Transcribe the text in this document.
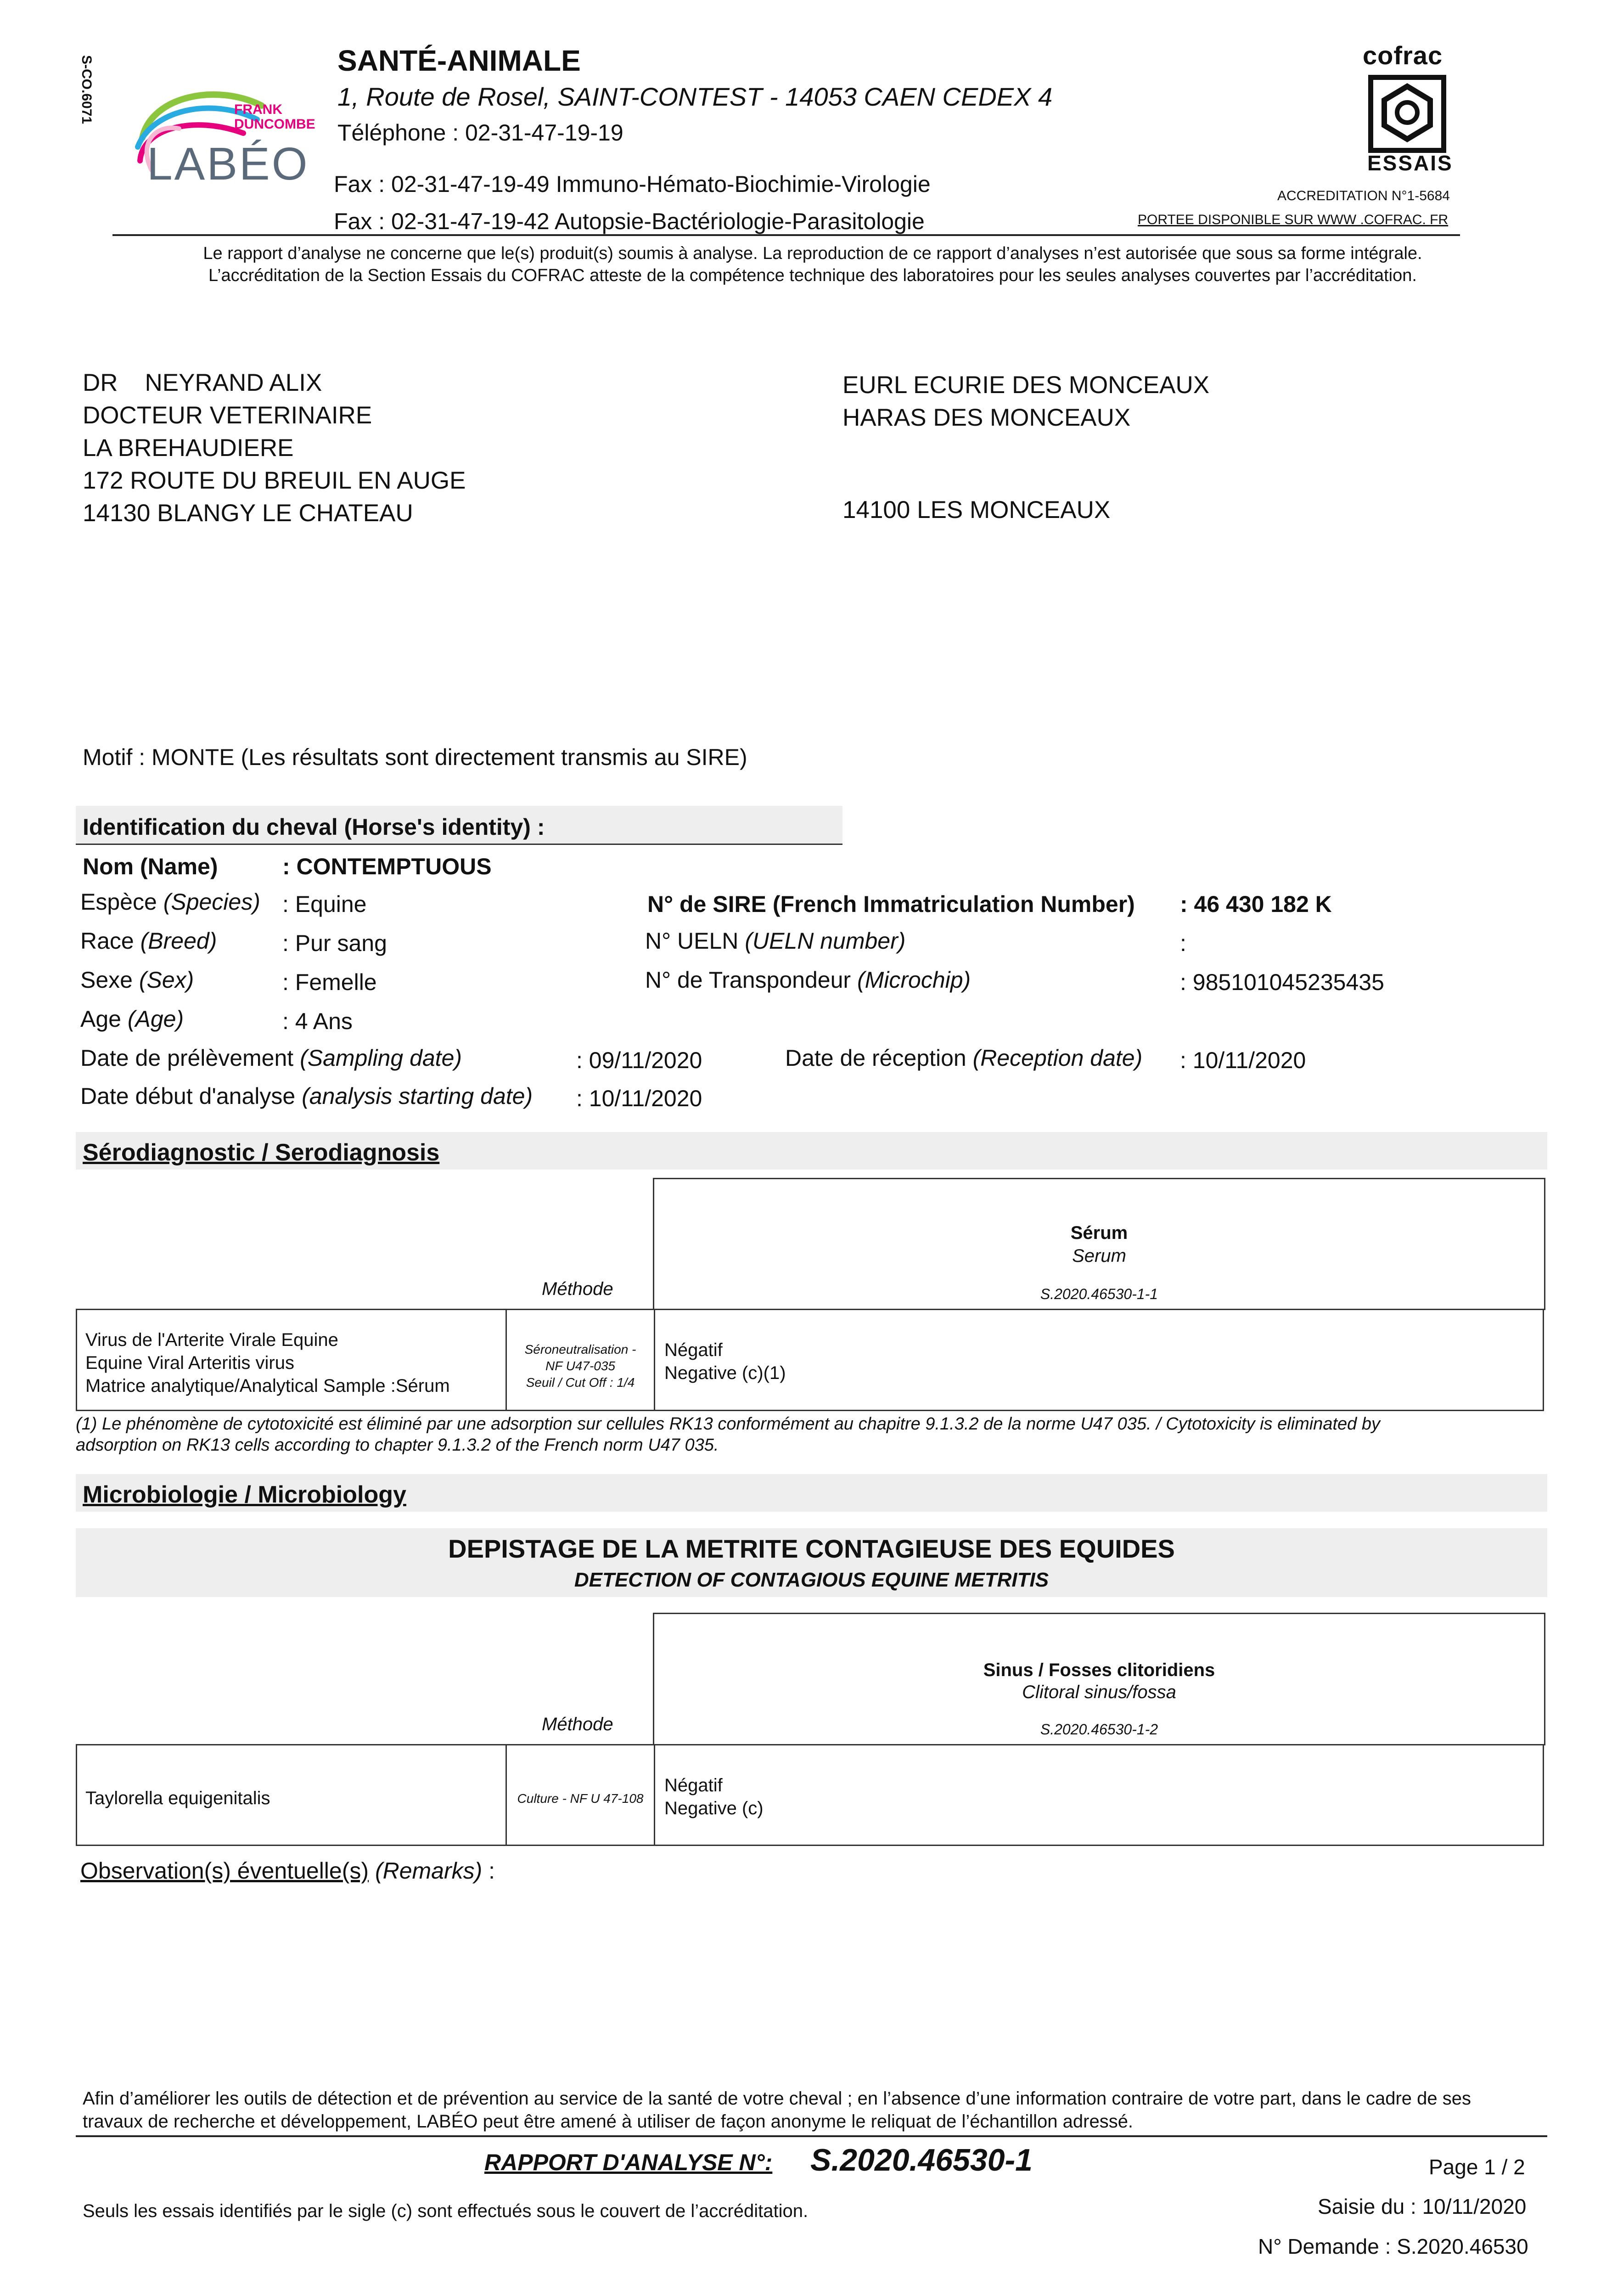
S-CO.6071	FRANK
DUNCOMBE
LABÉO
SANTÉ-ANIMALE
1, Route de Rosel, SAINT-CONTEST - 14053 CAEN CEDEX 4
Téléphone : 02-31-47-19-19
Fax : 02-31-47-19-49 Immuno-Hémato-Biochimie-Virologie
Fax : 02-31-47-19-42 Autopsie-Bactériologie-Parasitologie
cofrac
ESSAIS
ACCREDITATION N°1-5684
PORTEE DISPONIBLE SUR WWW .COFRAC. FR
Le rapport d’analyse ne concerne que le(s) produit(s) soumis à analyse. La reproduction de ce rapport d’analyses n’est autorisée que sous sa forme intégrale.
L’accréditation de la Section Essais du COFRAC atteste de la compétence technique des laboratoires pour les seules analyses couvertes par l’accréditation.
DR    NEYRAND ALIX
DOCTEUR VETERINAIRE
LA BREHAUDIERE
172 ROUTE DU BREUIL EN AUGE
14130 BLANGY LE CHATEAU
EURL ECURIE DES MONCEAUX
HARAS DES MONCEAUX
14100 LES MONCEAUX
Motif : MONTE (Les résultats sont directement transmis au SIRE)
Identification du cheval (Horse's identity) :
Nom (Name)	: CONTEMPTUOUS
Espèce (Species) : Equine
Race (Breed)	: Pur sang
Sexe (Sex)	: Femelle
Age (Age)	: 4 Ans
N° de SIRE (French Immatriculation Number) : 46 430 182 K
N° UELN (UELN number)	:
N° de Transpondeur (Microchip)	: 985101045235435
Date de prélèvement (Sampling date)	: 09/11/2020	Date de réception (Reception date) : 10/11/2020
Date début d'analyse (analysis starting date) : 10/11/2020
Sérodiagnostic / Serodiagnosis
Méthode
Sérum
Serum
S.2020.46530-1-1
Virus de l'Arterite Virale Equine
Equine Viral Arteritis virus
Matrice analytique/Analytical Sample :Sérum

Séroneutralisation -
NF U47-035
Seuil / Cut Off : 1/4

Négatif
Negative (c)(1)
(1) Le phénomène de cytotoxicité est éliminé par une adsorption sur cellules RK13 conformément au chapitre 9.1.3.2 de la norme U47 035. / Cytotoxicity is eliminated by
adsorption on RK13 cells according to chapter 9.1.3.2 of the French norm U47 035.
Microbiologie / Microbiology
DEPISTAGE DE LA METRITE CONTAGIEUSE DES EQUIDES
DETECTION OF CONTAGIOUS EQUINE METRITIS
Méthode
Sinus / Fosses clitoridiens
Clitoral sinus/fossa
S.2020.46530-1-2
Taylorella equigenitalis	Culture - NF U 47-108

Négatif
Negative (c)
Observation(s) éventuelle(s) (Remarks) :
Afin d’améliorer les outils de détection et de prévention au service de la santé de votre cheval ; en l’absence d’une information contraire de votre part, dans le cadre de ses
travaux de recherche et développement, LABÉO peut être amené à utiliser de façon anonyme le reliquat de l’échantillon adressé.
RAPPORT D'ANALYSE N°: S.2020.46530-1	Page 1 / 2
Saisie du : 10/11/2020
N° Demande : S.2020.46530
Seuls les essais identifiés par le sigle (c) sont effectués sous le couvert de l’accréditation.
